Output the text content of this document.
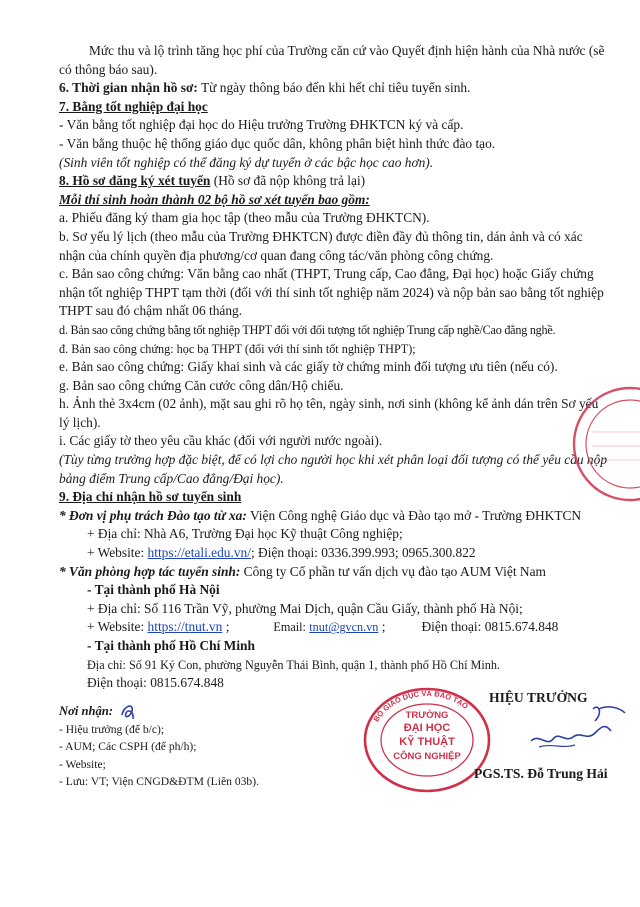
Mức thu và lộ trình tăng học phí của Trường căn cứ vào Quyết định hiện hành của Nhà nước (sẽ có thông báo sau).

6. Thời gian nhận hồ sơ: Từ ngày thông báo đến khi hết chỉ tiêu tuyển sinh.

7. Bằng tốt nghiệp đại học

- Văn bằng tốt nghiệp đại học do Hiệu trưởng Trường ĐHKTCN ký và cấp.

- Văn bằng thuộc hệ thống giáo dục quốc dân, không phân biệt hình thức đào tạo.

(Sinh viên tốt nghiệp có thể đăng ký dự tuyển ở các bậc học cao hơn).

8. Hồ sơ đăng ký xét tuyển (Hồ sơ đã nộp không trả lại)

Mỗi thí sinh hoàn thành 02 bộ hồ sơ xét tuyển bao gồm:

a. Phiếu đăng ký tham gia học tập (theo mẫu của Trường ĐHKTCN).

b. Sơ yếu lý lịch (theo mẫu của Trường ĐHKTCN) được điền đầy đủ thông tin, dán ảnh và có xác nhận của chính quyền địa phương/cơ quan đang công tác/văn phòng công chứng.

c. Bản sao công chứng: Văn bằng cao nhất (THPT, Trung cấp, Cao đẳng, Đại học) hoặc Giấy chứng nhận tốt nghiệp THPT tạm thời (đối với thí sinh tốt nghiệp năm 2024) và nộp bản sao bằng tốt nghiệp THPT sau đó chậm nhất 06 tháng.

d. Bản sao công chứng bằng tốt nghiệp THPT đối với đối tượng tốt nghiệp Trung cấp nghề/Cao đẳng nghề.

đ. Bản sao công chứng: học bạ THPT (đối với thí sinh tốt nghiệp THPT);

e. Bản sao công chứng: Giấy khai sinh và các giấy tờ chứng minh đối tượng ưu tiên (nếu có).

g. Bản sao công chứng Căn cước công dân/Hộ chiếu.

h. Ảnh thẻ 3x4cm (02 ảnh), mặt sau ghi rõ họ tên, ngày sinh, nơi sinh (không kể ảnh dán trên Sơ yếu lý lịch).

i. Các giấy tờ theo yêu cầu khác (đối với người nước ngoài).

(Tùy từng trường hợp đặc biệt, để có lợi cho người học khi xét phân loại đối tượng có thể yêu cầu nộp bảng điểm Trung cấp/Cao đẳng/Đại học).

9. Địa chỉ nhận hồ sơ tuyển sinh

* Đơn vị phụ trách Đào tạo từ xa: Viện Công nghệ Giáo dục và Đào tạo mở - Trường ĐHKTCN

+ Địa chỉ: Nhà A6, Trường Đại học Kỹ thuật Công nghiệp;

+ Website: https://etali.edu.vn/; Điện thoại: 0336.399.993; 0965.300.822

* Văn phòng hợp tác tuyển sinh: Công ty Cổ phần tư vấn dịch vụ đào tạo AUM Việt Nam

- Tại thành phố Hà Nội

+ Địa chỉ: Số 116 Trần Vỹ, phường Mai Dịch, quận Cầu Giấy, thành phố Hà Nội;

+ Website: https://tnut.vn ;	Email: tnut@gvcn.vn ;	Điện thoại: 0815.674.848

- Tại thành phố Hồ Chí Minh

Địa chỉ: Số 91 Ký Con, phường Nguyễn Thái Bình, quận 1, thành phố Hồ Chí Minh.

Điện thoại: 0815.674.848

Nơi nhận:
- Hiệu trưởng (để b/c);
- AUM; Các CSPH (để ph/h);
- Website;
- Lưu: VT; Viện CNGD&ĐTM (Liên 03b).
TRƯỜNG
ĐẠI HỌC
KỸ THUẬT
CÔNG NGHIỆP
BỘ GIÁO DỤC VÀ ĐÀO TẠO
HIỆU TRƯỞNG
PGS.TS. Đỗ Trung Hải
